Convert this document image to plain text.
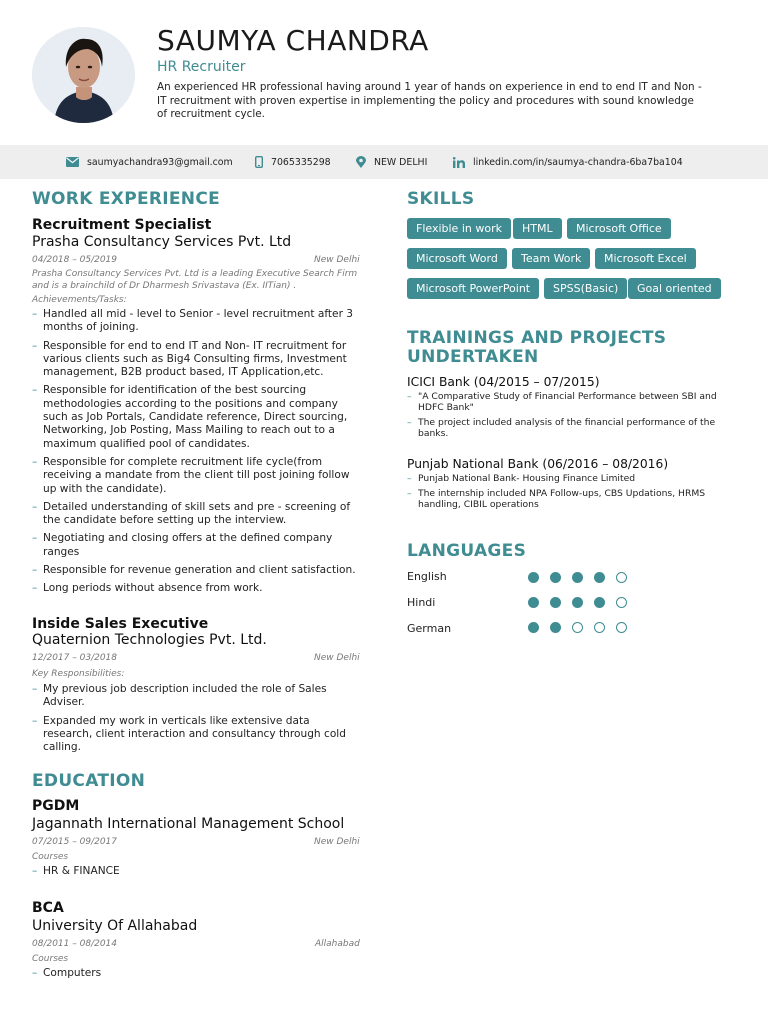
SAUMYA CHANDRA
HR Recruiter
An experienced HR professional having around 1 year of hands on experience in end to end IT and Non - IT recruitment with proven expertise in implementing the policy and procedures with sound knowledge of recruitment cycle.
saumyachandra93@gmail.com	7065335298	NEW DELHI	linkedin.com/in/saumya-chandra-6ba7ba104
WORK EXPERIENCE
Recruitment Specialist
Prasha Consultancy Services Pvt. Ltd
04/2018 – 05/2019	New Delhi
Prasha Consultancy Services Pvt. Ltd is a leading Executive Search Firm and is a brainchild of Dr Dharmesh Srivastava (Ex. IITian) .
Achievements/Tasks:
– Handled all mid - level to Senior - level recruitment after 3 months of joining.
– Responsible for end to end IT and Non- IT recruitment for various clients such as Big4 Consulting firms, Investment management, B2B product based, IT Application,etc.
– Responsible for identification of the best sourcing methodologies according to the positions and company such as Job Portals, Candidate reference, Direct sourcing, Networking, Job Posting, Mass Mailing to reach out to a maximum qualified pool of candidates.
– Responsible for complete recruitment life cycle(from receiving a mandate from the client till post joining follow up with the candidate).
– Detailed understanding of skill sets and pre - screening of the candidate before setting up the interview.
– Negotiating and closing offers at the defined company ranges
– Responsible for revenue generation and client satisfaction.
– Long periods without absence from work.
Inside Sales Executive
Quaternion Technologies Pvt. Ltd.
12/2017 – 03/2018	New Delhi
Key Responsibilities:
– My previous job description included the role of Sales Adviser.
– Expanded my work in verticals like extensive data research, client interaction and consultancy through cold calling.
EDUCATION
PGDM
Jagannath International Management School
07/2015 – 09/2017	New Delhi
Courses
– HR & FINANCE
BCA
University Of Allahabad
08/2011 – 08/2014	Allahabad
Courses
– Computers
SKILLS
Flexible in work	HTML	Microsoft Office
Microsoft Word	Team Work	Microsoft Excel
Microsoft PowerPoint	SPSS(Basic)	Goal oriented
TRAININGS AND PROJECTS UNDERTAKEN
ICICI Bank (04/2015 – 07/2015)
– "A Comparative Study of Financial Performance between SBI and HDFC Bank"
– The project included analysis of the financial performance of the banks.
Punjab National Bank (06/2016 – 08/2016)
– Punjab National Bank- Housing Finance Limited
– The internship included NPA Follow-ups, CBS Updations, HRMS handling, CIBIL operations
LANGUAGES
English
Hindi
German
